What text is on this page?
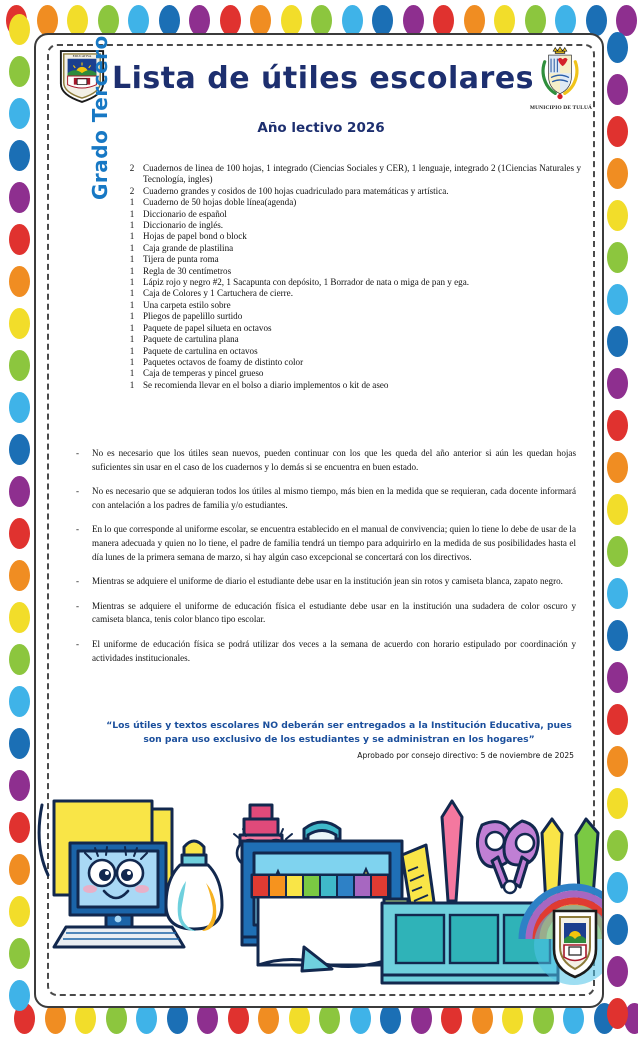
EDUCATIVA
MUNICIPIO DE TULUÁ
Lista de útiles escolares
Año lectivo 2026
Grado Tercero	2 Cuadernos de linea de 100 hojas, 1 integrado (Ciencias Sociales y CER), 1 lenguaje, integrado 2 (1Ciencias Naturales y Tecnología, ingles)
2 Cuaderno grandes y cosidos de 100 hojas cuadriculado para matemáticas y artística.
1 Cuaderno de 50 hojas doble línea(agenda)
1 Diccionario de español
1 Diccionario de inglés.
1 Hojas de papel bond o block
1 Caja grande de plastilina
1 Tijera de punta roma
1 Regla de 30 centímetros
1 Lápiz rojo y negro #2, 1 Sacapunta con depósito, 1 Borrador de nata o miga de pan y ega.
1 Caja de Colores y 1 Cartuchera de cierre.
1 Una carpeta estilo sobre
1 Pliegos de papelillo surtido
1 Paquete de papel silueta en octavos
1 Paquete de cartulina plana
1 Paquete de cartulina en octavos
1 Paquetes octavos de foamy de distinto color
1 Caja de temperas y pincel grueso
1 Se recomienda llevar en el bolso a diario implementos o kit de aseo
-	No es necesario que los útiles sean nuevos, pueden continuar con los que les queda del año anterior si aún les quedan hojas suficientes sin usar en el caso de los cuadernos y lo demás si se encuentra en buen estado.
-	No es necesario que se adquieran todos los útiles al mismo tiempo, más bien en la medida que se requieran, cada docente informará con antelación a los padres de familia y/o estudiantes.
-	En lo que corresponde al uniforme escolar, se encuentra establecido en el manual de convivencia; quien lo tiene lo debe de usar de la manera adecuada y quien no lo tiene, el padre de familia tendrá un tiempo para adquirirlo en la medida de sus posibilidades hasta el día lunes de la primera semana de marzo, si hay algún caso excepcional se concertará con los directivos.
-	Mientras se adquiere el uniforme de diario el estudiante debe usar en la institución jean sin rotos y camiseta blanca, zapato negro.
-	Mientras se adquiere el uniforme de educación física el estudiante debe usar en la institución una sudadera de color oscuro y camiseta blanca, tenis color blanco tipo escolar.
-	El uniforme de educación física se podrá utilizar dos veces a la semana de acuerdo con horario estipulado por coordinación y actividades institucionales.
“Los útiles y textos escolares NO deberán ser entregados a la Institución Educativa, pues son para uso exclusivo de los estudiantes y se administran en los hogares”
Aprobado por consejo directivo: 5 de noviembre de 2025
